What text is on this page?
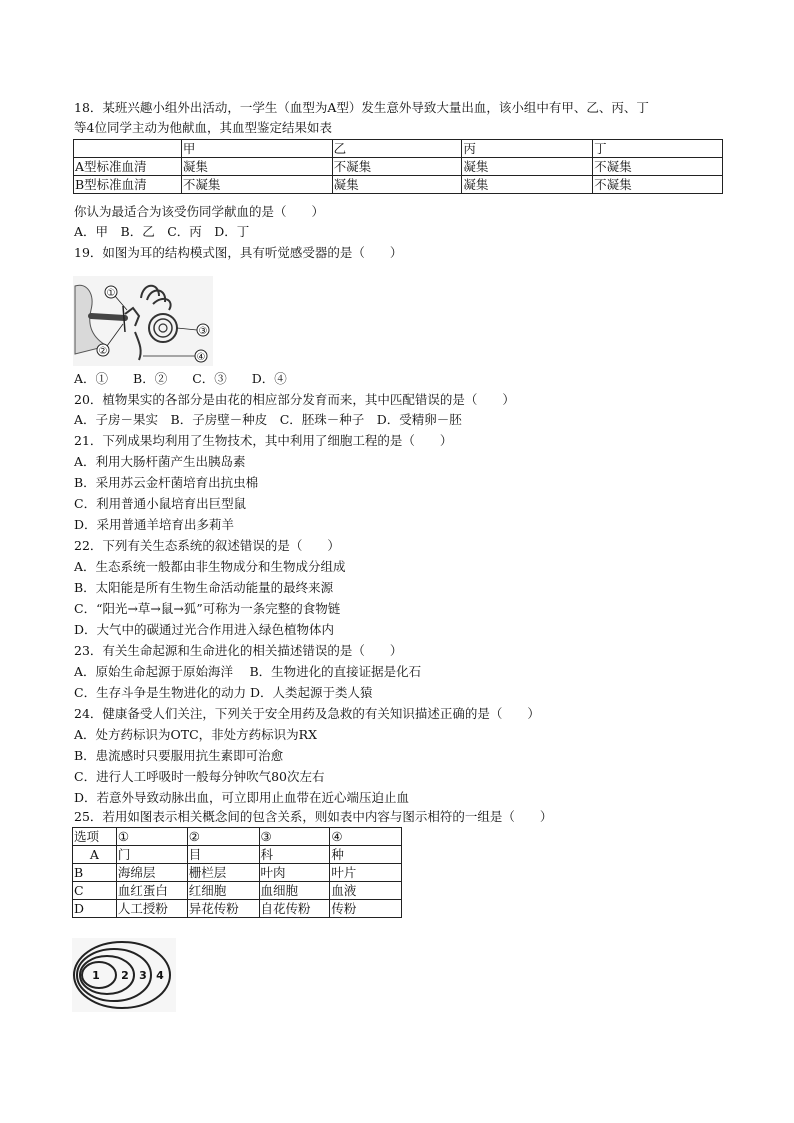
18．某班兴趣小组外出活动，一学生（血型为A型）发生意外导致大量出血，该小组中有甲、乙、丙、丁
等4位同学主动为他献血，其血型鉴定结果如表
	甲	乙	丙	丁
A型标准血清	凝集	不凝集	凝集	不凝集
B型标准血清	不凝集	凝集	凝集	不凝集
你认为最适合为该受伤同学献血的是（　　）
A．甲　B．乙　C．丙　D．丁
19．如图为耳的结构模式图，具有听觉感受器的是（　　）
①
②
③
④
A．①　　B．②　　C．③　　D．④
20．植物果实的各部分是由花的相应部分发育而来，其中匹配错误的是（　　）
A．子房－果实　B．子房壁－种皮　C．胚珠－种子　D．受精卵－胚
21．下列成果均利用了生物技术，其中利用了细胞工程的是（　　）
A．利用大肠杆菌产生出胰岛素
B．采用苏云金杆菌培育出抗虫棉
C．利用普通小鼠培育出巨型鼠
D．采用普通羊培育出多莉羊
22．下列有关生态系统的叙述错误的是（　　）
A．生态系统一般都由非生物成分和生物成分组成
B．太阳能是所有生物生命活动能量的最终来源
C．“阳光→草→鼠→狐”可称为一条完整的食物链
D．大气中的碳通过光合作用进入绿色植物体内
23．有关生命起源和生命进化的相关描述错误的是（　　）
A．原始生命起源于原始海洋　 B．生物进化的直接证据是化石
C．生存斗争是生物进化的动力 D．人类起源于类人猿
24．健康备受人们关注，下列关于安全用药及急救的有关知识描述正确的是（　　）
A．处方药标识为OTC，非处方药标识为RX
B．患流感时只要服用抗生素即可治愈
C．进行人工呼吸时一般每分钟吹气80次左右
D．若意外导致动脉出血，可立即用止血带在近心端压迫止血
25．若用如图表示相关概念间的包含关系，则如表中内容与图示相符的一组是（　　）
选项	①	②	③	④
A	门	目	科	种
B	海绵层	栅栏层	叶肉	叶片
C	血红蛋白	红细胞	血细胞	血液
D	人工授粉	异花传粉	自花传粉	传粉
1 2 3 4
